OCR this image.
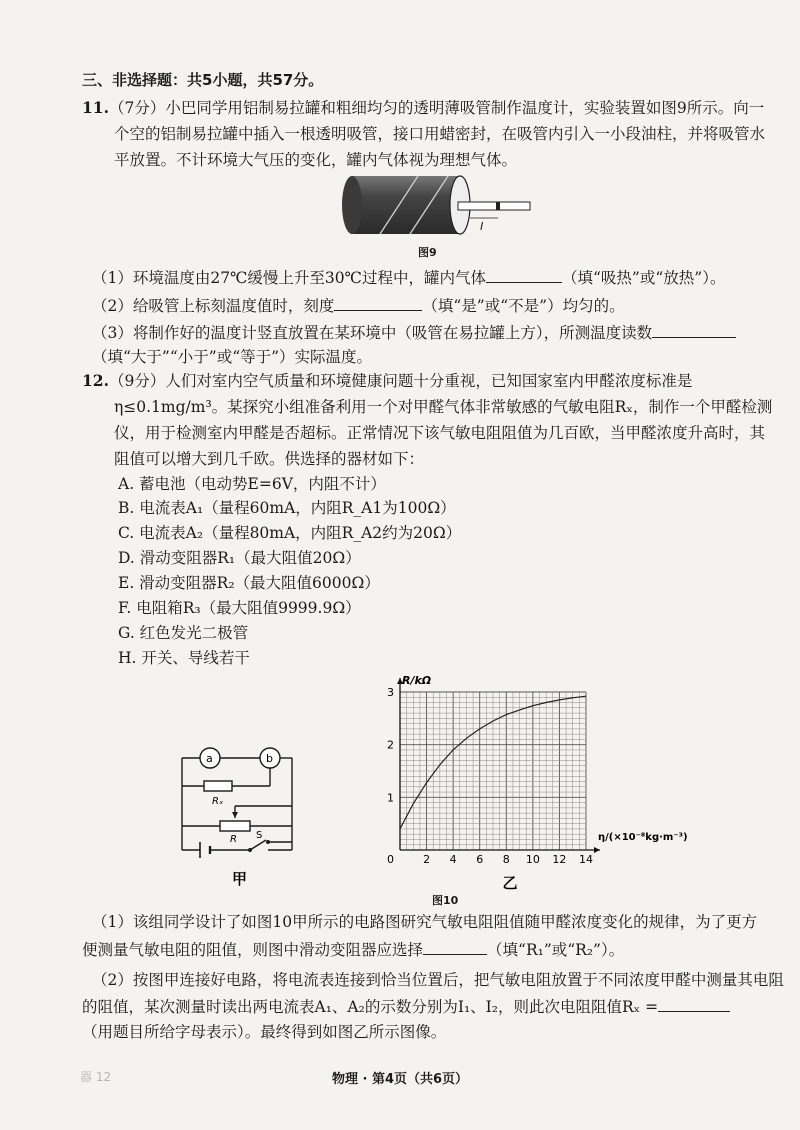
三、非选择题：共5小题，共57分。
11.（7分）小巴同学用铝制易拉罐和粗细均匀的透明薄吸管制作温度计，实验装置如图9所示。向一
个空的铝制易拉罐中插入一根透明吸管，接口用蜡密封，在吸管内引入一小段油柱，并将吸管水
平放置。不计环境大气压的变化，罐内气体视为理想气体。
l
图9
（1）环境温度由27℃缓慢上升至30℃过程中，罐内气体	（填“吸热”或“放热”）。
（2）给吸管上标刻温度值时，刻度	（填“是”或“不是”）均匀的。
（3）将制作好的温度计竖直放置在某环境中（吸管在易拉罐上方），所测温度读数
（填“大于”“小于”或“等于”）实际温度。
12.（9分）人们对室内空气质量和环境健康问题十分重视，已知国家室内甲醛浓度标准是
η≤0.1mg/m³。某探究小组准备利用一个对甲醛气体非常敏感的气敏电阻Rₓ，制作一个甲醛检测
仪，用于检测室内甲醛是否超标。正常情况下该气敏电阻阻值为几百欧，当甲醛浓度升高时，其
阻值可以增大到几千欧。供选择的器材如下：
A. 蓄电池（电动势E=6V，内阻不计）
B. 电流表A₁（量程60mA，内阻R_A1为100Ω）
C. 电流表A₂（量程80mA，内阻R_A2约为20Ω）
D. 滑动变阻器R₁（最大阻值20Ω）
E. 滑动变阻器R₂（最大阻值6000Ω）
F. 电阻箱R₃（最大阻值9999.9Ω）
G. 红色发光二极管
H. 开关、导线若干
a	b
Rₓ
R S
甲
2 4 6 8 10 12 14
1
2
3
0
R/kΩ
η/(×10⁻⁸kg·m⁻³)
乙
图10
（1）该组同学设计了如图10甲所示的电路图研究气敏电阻阻值随甲醛浓度变化的规律，为了更方
便测量气敏电阻的阻值，则图中滑动变阻器应选择	（填“R₁”或“R₂”）。
（2）按图甲连接好电路，将电流表连接到恰当位置后，把气敏电阻放置于不同浓度甲醛中测量其电阻
的阻值，某次测量时读出两电流表A₁、A₂的示数分别为I₁、I₂，则此次电阻阻值Rₓ =
（用题目所给字母表示）。最终得到如图乙所示图像。
器 12	物理 · 第4页（共6页）
